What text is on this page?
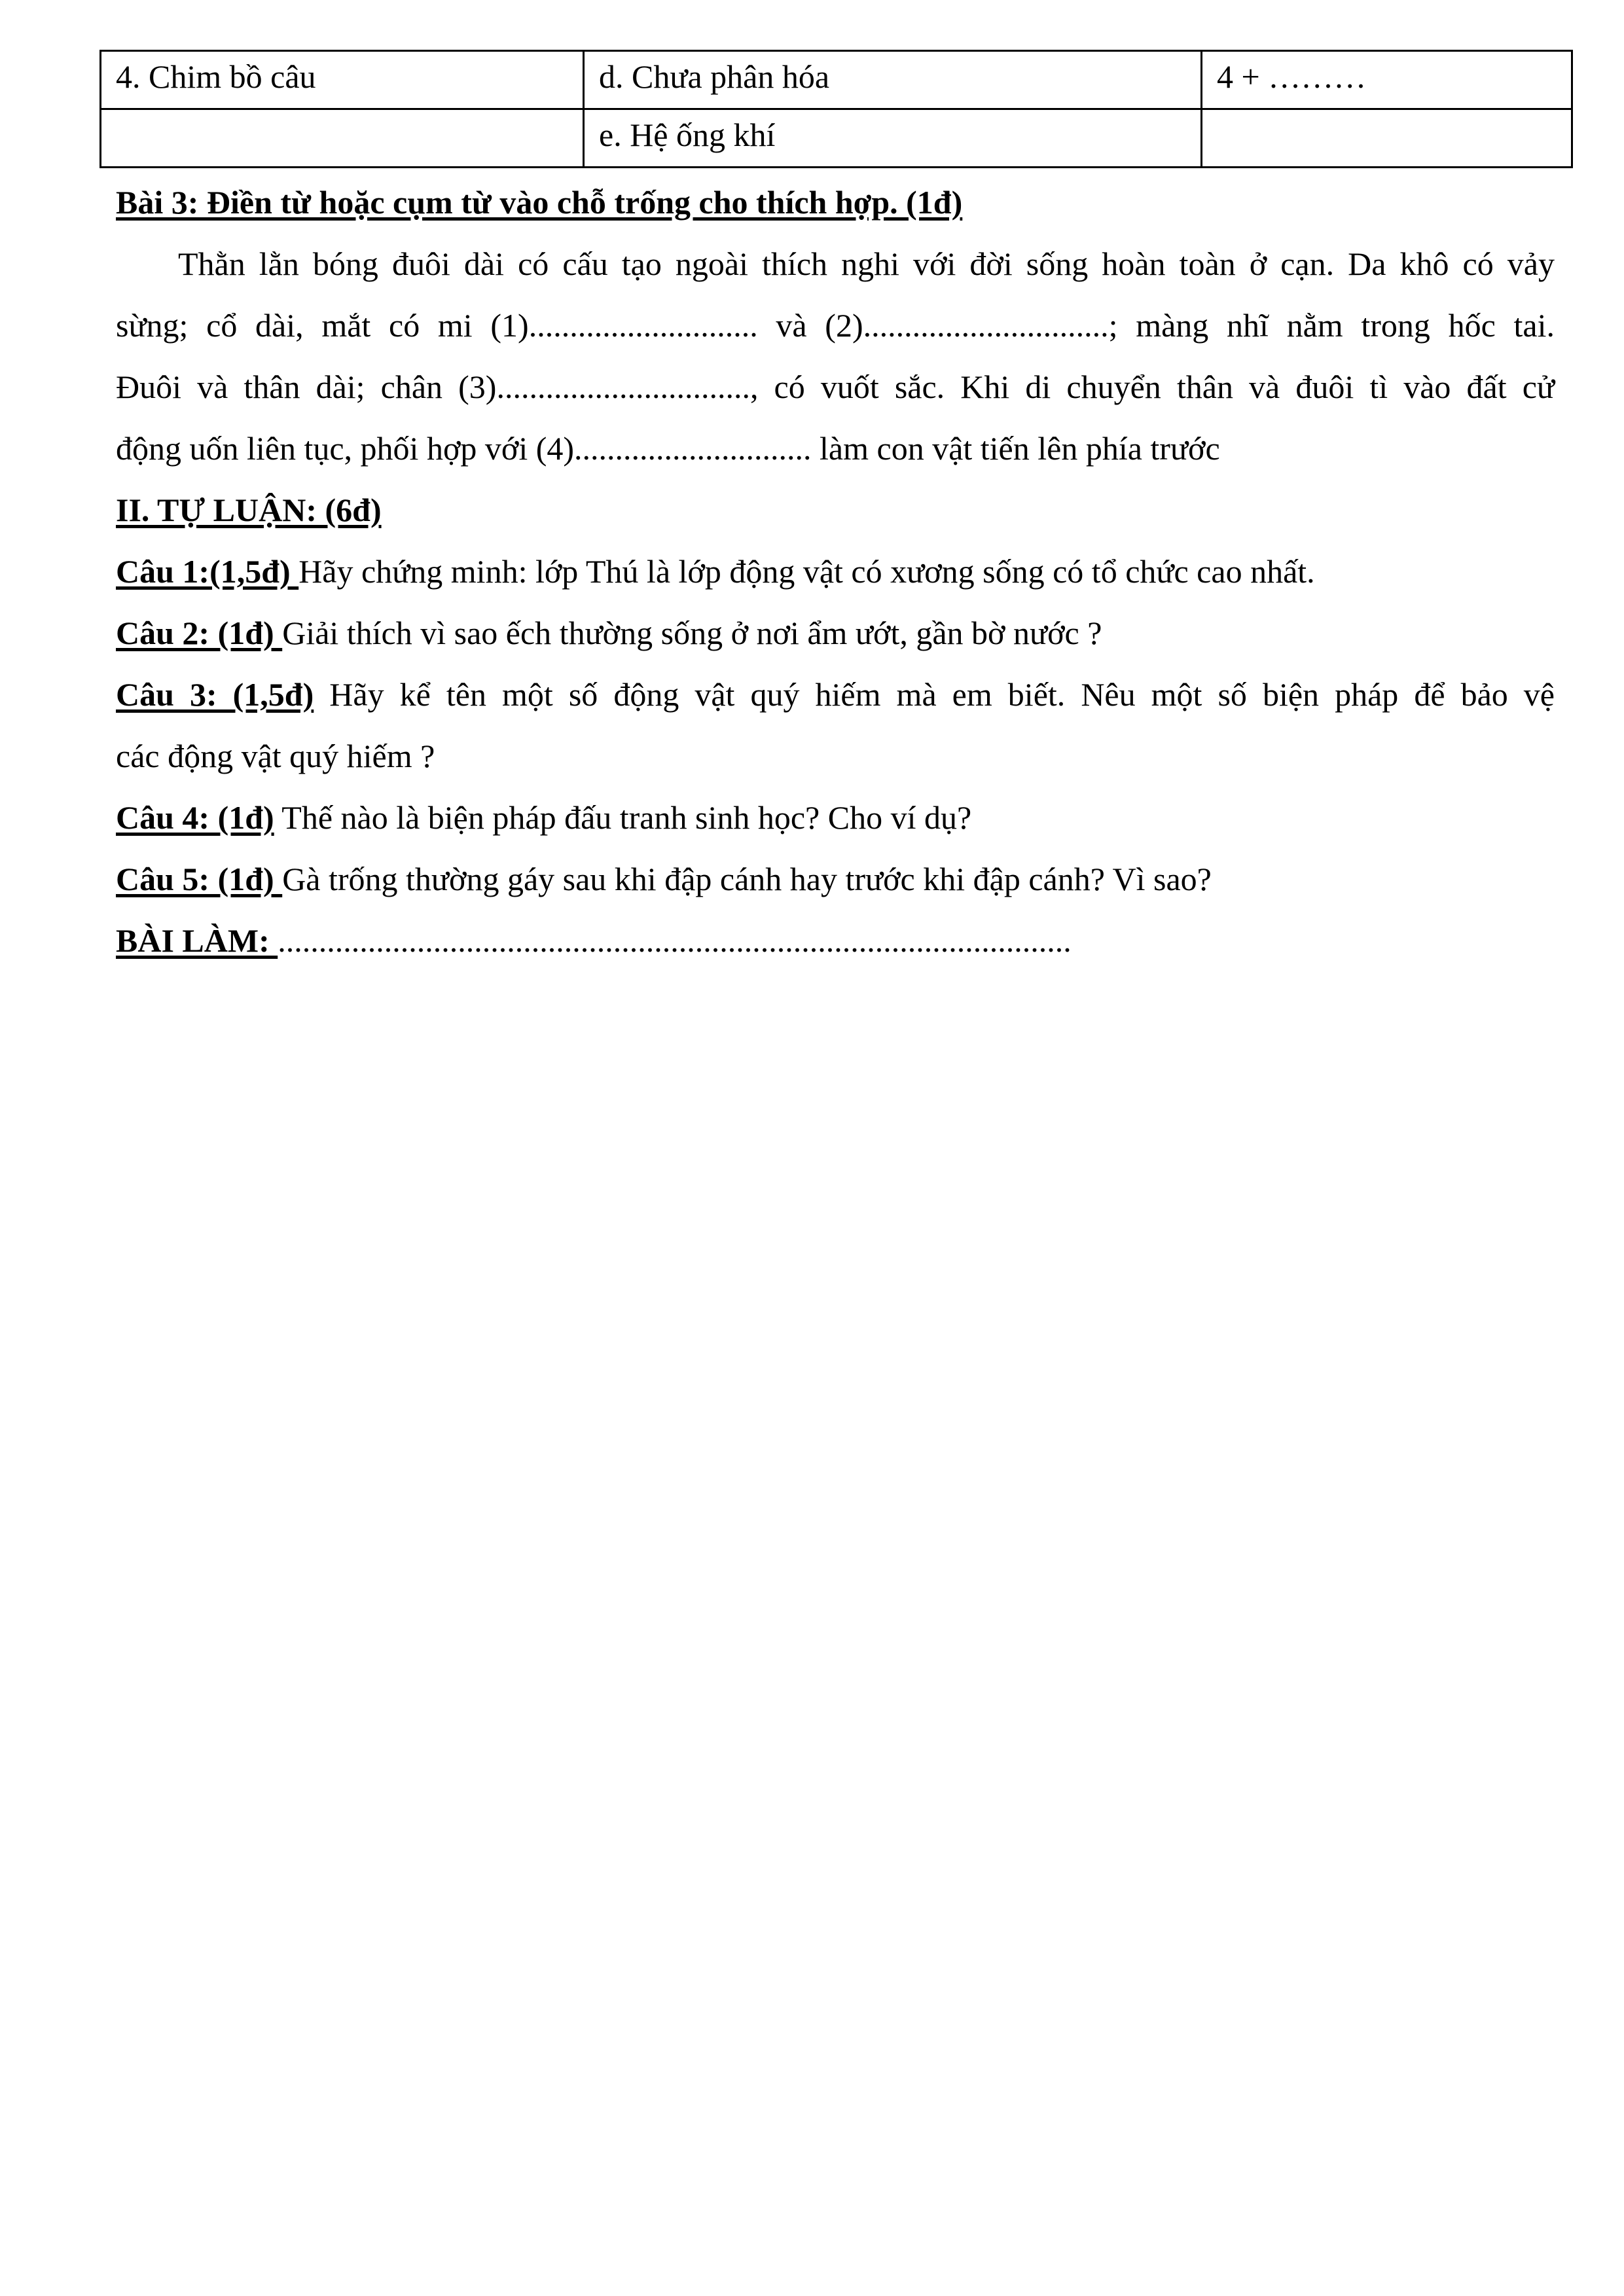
4. Chim bồ câu	d. Chưa phân hóa	4 + ………
	e. Hệ ống khí	
Bài 3: Điền từ hoặc cụm từ vào chỗ trống cho thích hợp. (1đ)
Thằn lằn bóng đuôi dài có cấu tạo ngoài thích nghi với đời sống hoàn toàn ở cạn. Da khô có vảy
sừng; cổ dài, mắt có mi (1)............................ và (2)..............................; màng nhĩ nằm trong hốc tai.
Đuôi và thân dài; chân (3)..............................., có vuốt sắc. Khi di chuyển thân và đuôi tì vào đất cử
động uốn liên tục, phối hợp với (4)............................. làm con vật tiến lên phía trước
II. TỰ LUẬN: (6đ)
Câu 1:(1,5đ) Hãy chứng minh: lớp Thú là lớp động vật có xương sống có tổ chức cao nhất.
Câu 2: (1đ) Giải thích vì sao ếch thường sống ở nơi ẩm ướt, gần bờ nước ?
Câu 3: (1,5đ) Hãy kể tên một số động vật quý hiếm mà em biết. Nêu một số biện pháp để bảo vệ
các động vật quý hiếm ?
Câu 4: (1đ) Thế nào là biện pháp đấu tranh sinh học? Cho ví dụ?
Câu 5: (1đ) Gà trống thường gáy sau khi đập cánh hay trước khi đập cánh? Vì sao?
BÀI LÀM: .................................................................................................
